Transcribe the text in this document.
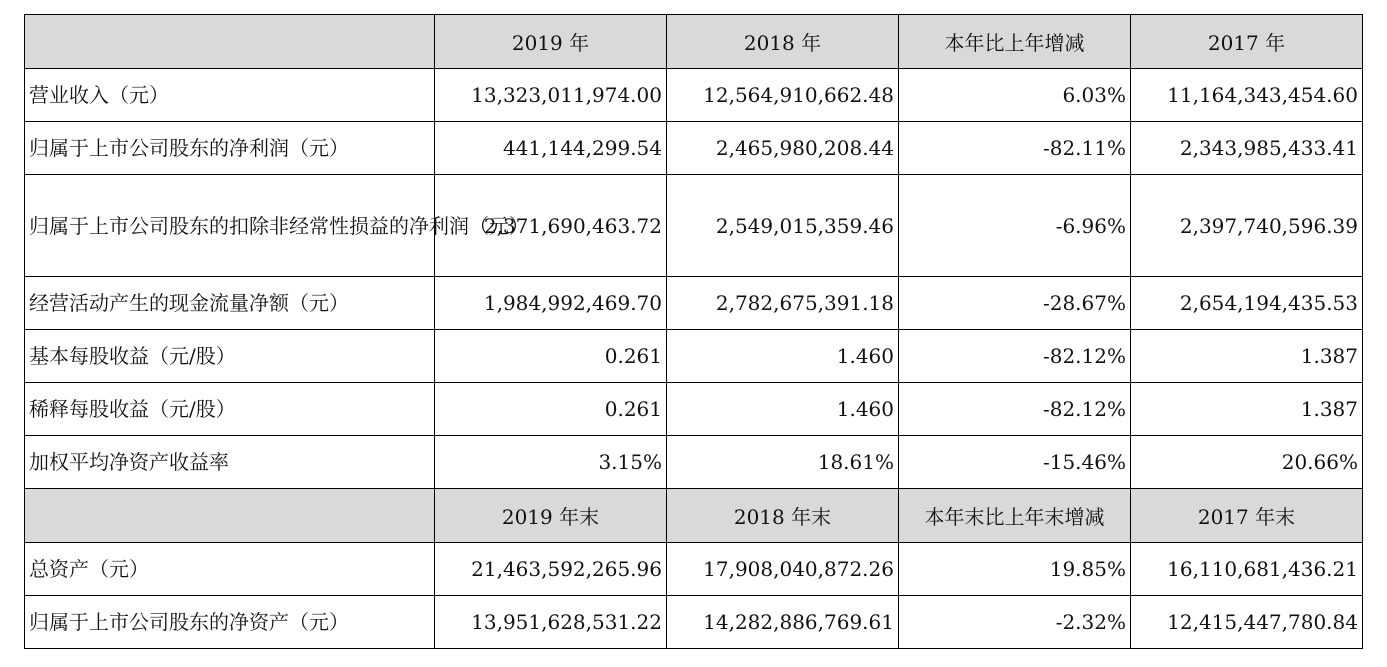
	2019 年	2018 年	本年比上年增减	2017 年
营业收入（元）	13,323,011,974.00	12,564,910,662.48	6.03%	11,164,343,454.60
归属于上市公司股东的净利润（元）	441,144,299.54	2,465,980,208.44	-82.11%	2,343,985,433.41
归属于上市公司股东的扣除非经常性损益的净利润（元）	2,371,690,463.72	2,549,015,359.46	-6.96%	2,397,740,596.39
经营活动产生的现金流量净额（元）	1,984,992,469.70	2,782,675,391.18	-28.67%	2,654,194,435.53
基本每股收益（元/股）	0.261	1.460	-82.12%	1.387
稀释每股收益（元/股）	0.261	1.460	-82.12%	1.387
加权平均净资产收益率	3.15%	18.61%	-15.46%	20.66%
	2019 年末	2018 年末	本年末比上年末增减	2017 年末
总资产（元）	21,463,592,265.96	17,908,040,872.26	19.85%	16,110,681,436.21
归属于上市公司股东的净资产（元）	13,951,628,531.22	14,282,886,769.61	-2.32%	12,415,447,780.84
